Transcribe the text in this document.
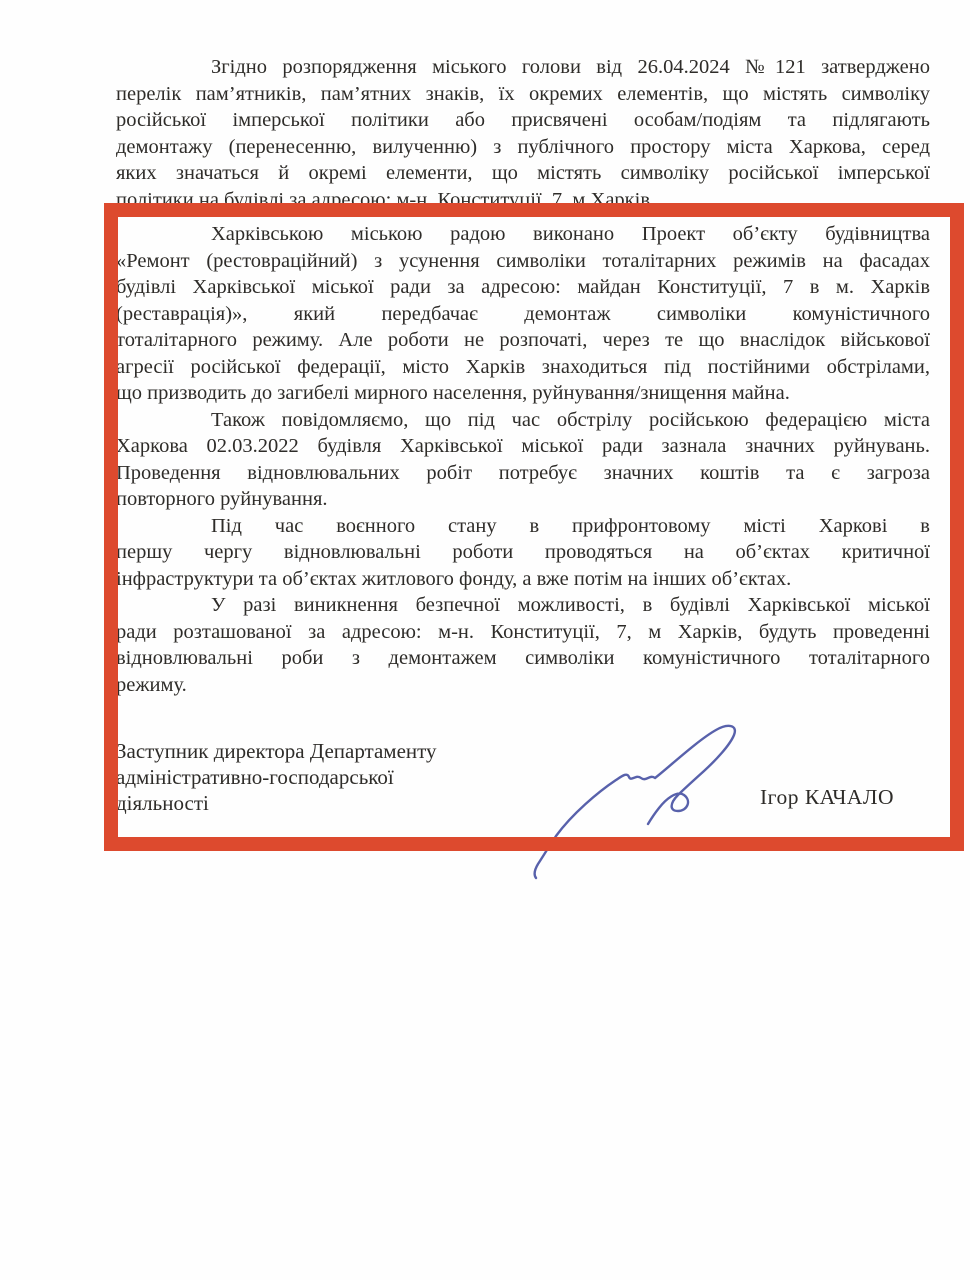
Згідно розпорядження міського голови від 26.04.2024 №121 затверджено
перелік пам’ятників, пам’ятних знаків, їх окремих елементів, що містять символіку
російської імперської політики або присвячені особам/подіям та підлягають
демонтажу (перенесенню, вилученню) з публічного простору міста Харкова, серед
яких значаться й окремі елементи, що містять символіку російської імперської
політики на будівлі за адресою: м-н. Конституції, 7, м Харків.
Харківською міською радою виконано Проект об’єкту будівництва
«Ремонт (рестовраційний) з усунення символіки тоталітарних режимів на фасадах
будівлі Харківської міської ради за адресою: майдан Конституції, 7 в м. Харків
(реставрація)», який передбачає демонтаж символіки комуністичного
тоталітарного режиму. Але роботи не розпочаті, через те що внаслідок військової
агресії російської федерації, місто Харків знаходиться під постійними обстрілами,
що призводить до загибелі мирного населення, руйнування/знищення майна.
Також повідомляємо, що під час обстрілу російською федерацією міста
Харкова 02.03.2022 будівля Харківської міської ради зазнала значних руйнувань.
Проведення відновлювальних робіт потребує значних коштів та є загроза
повторного руйнування.
Під час воєнного стану в прифронтовому місті Харкові в
першу чергу відновлювальні роботи проводяться на об’єктах критичної
інфраструктури та об’єктах житлового фонду, а вже потім на інших об’єктах.
У разі виникнення безпечної можливості, в будівлі Харківської міської
ради розташованої за адресою: м-н. Конституції, 7, м Харків, будуть проведенні
відновлювальні роби з демонтажем символіки комуністичного тоталітарного
режиму.
Заступник директора Департаменту
адміністративно-господарської
діяльності	Ігор КАЧАЛО
